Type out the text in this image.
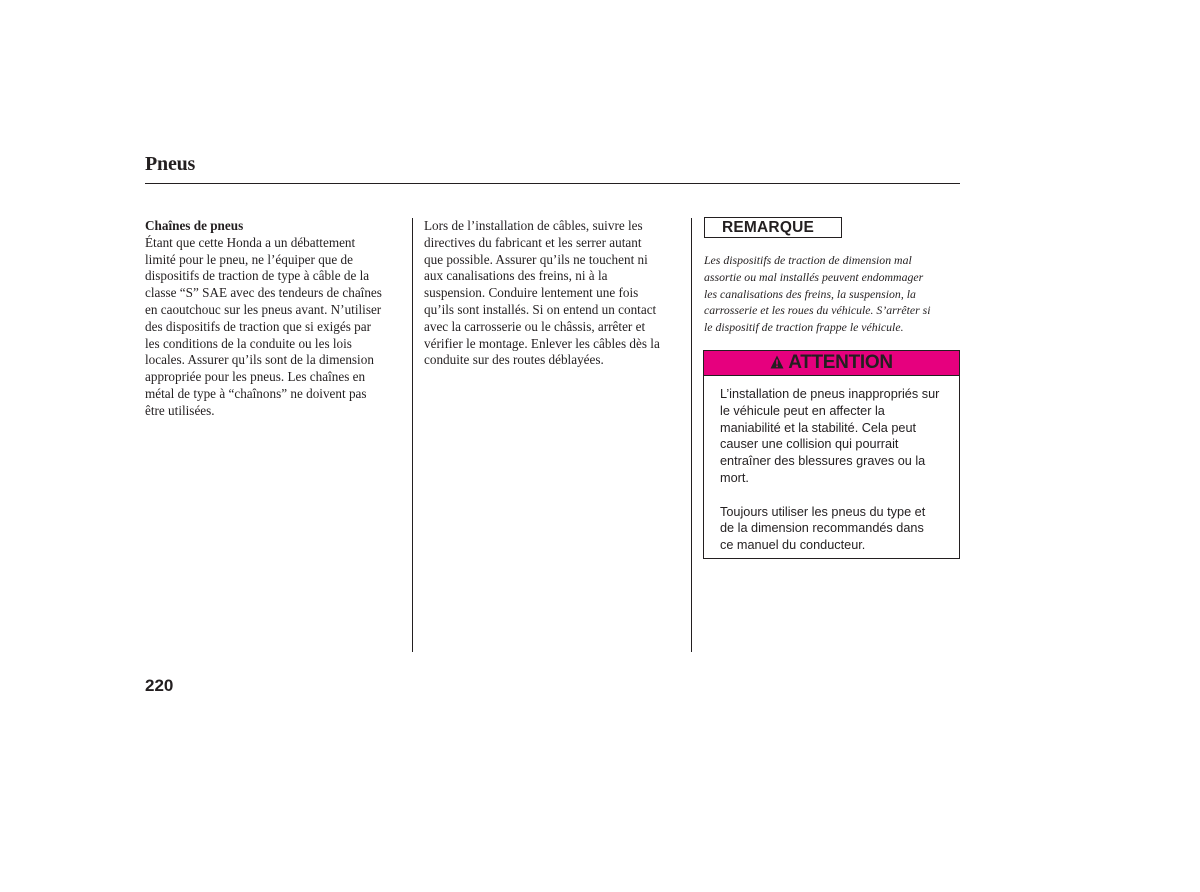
Pneus
Chaînes de pneus
Étant que cette Honda a un débattement
limité pour le pneu, ne l’équiper que de
dispositifs de traction de type à câble de la
classe “S” SAE avec des tendeurs de chaînes
en caoutchouc sur les pneus avant. N’utiliser
des dispositifs de traction que si exigés par
les conditions de la conduite ou les lois
locales. Assurer qu’ils sont de la dimension
appropriée pour les pneus. Les chaînes en
métal de type à “chaînons” ne doivent pas
être utilisées.
Lors de l’installation de câbles, suivre les
directives du fabricant et les serrer autant
que possible. Assurer qu’ils ne touchent ni
aux canalisations des freins, ni à la
suspension. Conduire lentement une fois
qu’ils sont installés. Si on entend un contact
avec la carrosserie ou le châssis, arrêter et
vérifier le montage. Enlever les câbles dès la
conduite sur des routes déblayées.
REMARQUE
Les dispositifs de traction de dimension mal
assortie ou mal installés peuvent endommager
les canalisations des freins, la suspension, la
carrosserie et les roues du véhicule. S’arrêter si
le dispositif de traction frappe le véhicule.
ATTENTION
L’installation de pneus inappropriés sur
le véhicule peut en affecter la
maniabilité et la stabilité. Cela peut
causer une collision qui pourrait
entraîner des blessures graves ou la
mort.
Toujours utiliser les pneus du type et
de la dimension recommandés dans
ce manuel du conducteur.
220
